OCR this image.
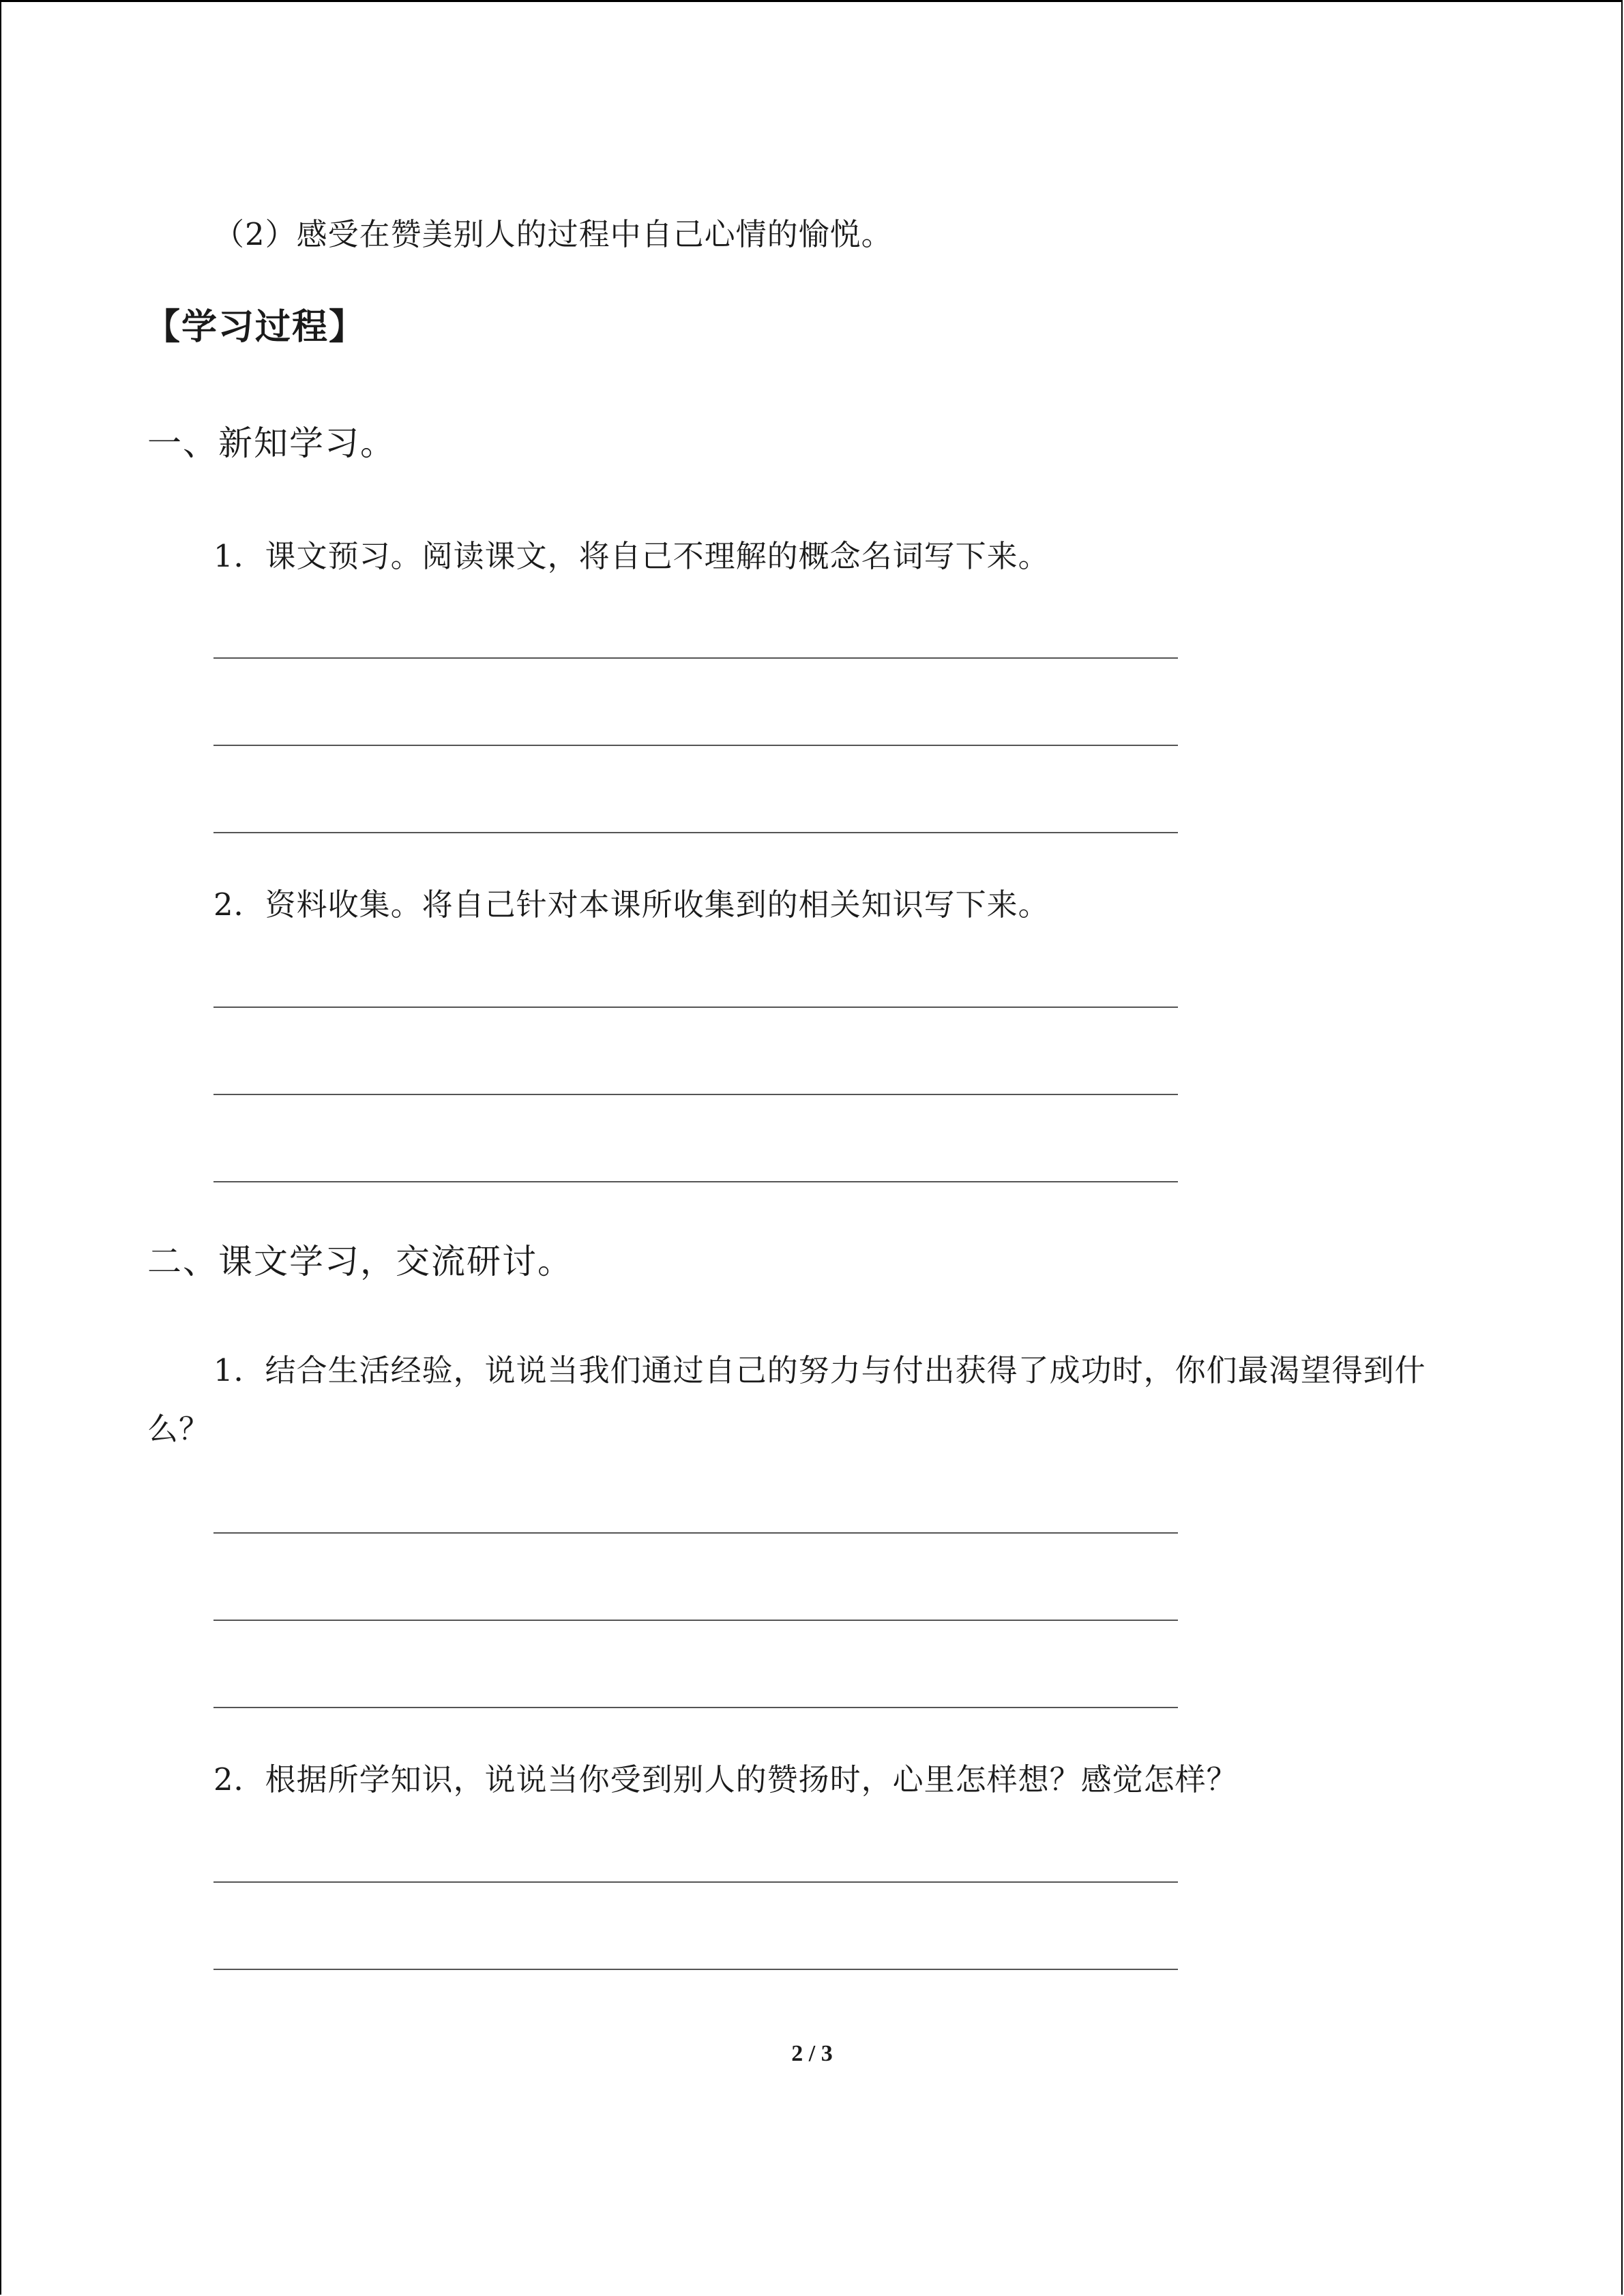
（2）感受在赞美别人的过程中自己心情的愉悦。
【学习过程】
一、新知学习。
1．课文预习。阅读课文，将自己不理解的概念名词写下来。
2．资料收集。将自己针对本课所收集到的相关知识写下来。
二、课文学习，交流研讨。
1．结合生活经验，说说当我们通过自己的努力与付出获得了成功时，你们最渴望得到什么？
2．根据所学知识，说说当你受到别人的赞扬时，心里怎样想？感觉怎样？
2 / 3
